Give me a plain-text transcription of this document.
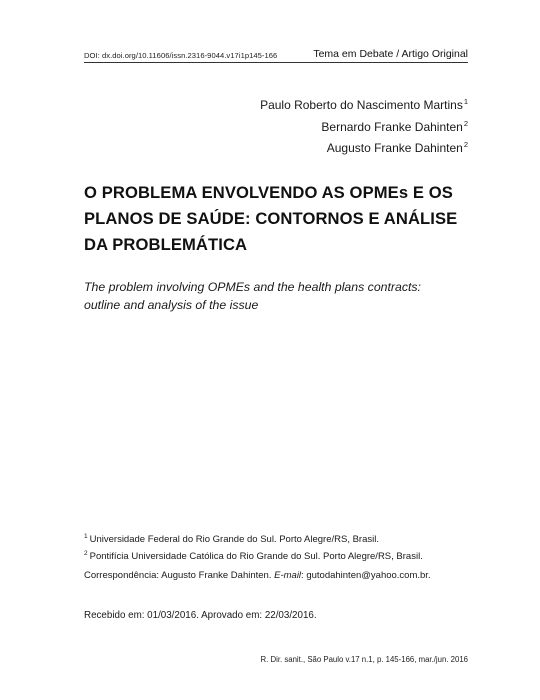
DOI: dx.doi.org/10.11606/issn.2316-9044.v17i1p145-166	Tema em Debate / Artigo Original
Paulo Roberto do Nascimento Martins$^1$
Bernardo Franke Dahinten$^2$
Augusto Franke Dahinten$^2$
O PROBLEMA ENVOLVENDO AS OPMEs E OS PLANOS DE SAÚDE: CONTORNOS E ANÁLISE DA PROBLEMÁTICA
The problem involving OPMEs and the health plans contracts: outline and analysis of the issue
$^1$ Universidade Federal do Rio Grande do Sul. Porto Alegre/RS, Brasil.
$^2$ Pontifícia Universidade Católica do Rio Grande do Sul. Porto Alegre/RS, Brasil.
Correspondência: Augusto Franke Dahinten. E-mail: gutodahinten@yahoo.com.br.
Recebido em: 01/03/2016. Aprovado em: 22/03/2016.
R. Dir. sanit., São Paulo v.17 n.1, p. 145-166, mar./jun. 2016
